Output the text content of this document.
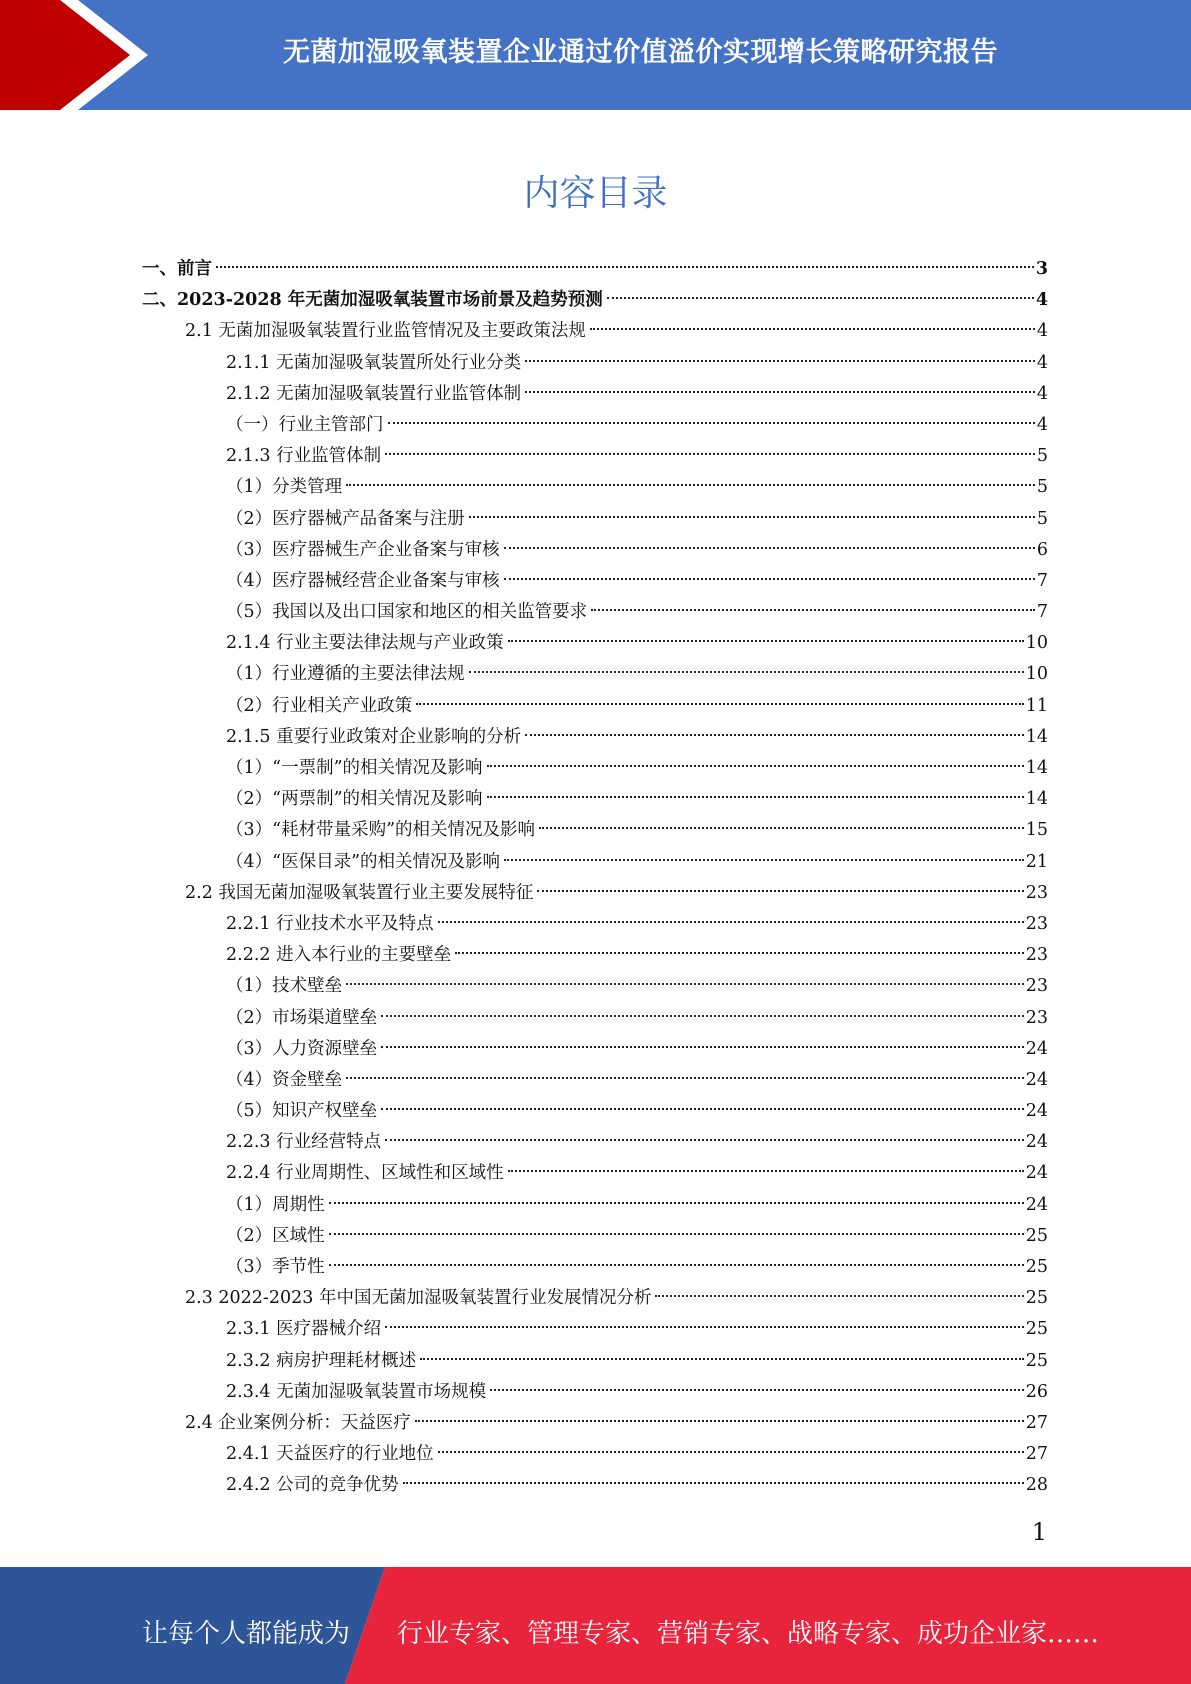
无菌加湿吸氧装置企业通过价值溢价实现增长策略研究报告
内容目录
一、前言	3
二、2023-2028 年无菌加湿吸氧装置市场前景及趋势预测	4
2.1 无菌加湿吸氧装置行业监管情况及主要政策法规	4
2.1.1 无菌加湿吸氧装置所处行业分类	4
2.1.2 无菌加湿吸氧装置行业监管体制	4
（一）行业主管部门	4
2.1.3 行业监管体制	5
（1）分类管理	5
（2）医疗器械产品备案与注册	5
（3）医疗器械生产企业备案与审核	6
（4）医疗器械经营企业备案与审核	7
（5）我国以及出口国家和地区的相关监管要求	7
2.1.4 行业主要法律法规与产业政策	10
（1）行业遵循的主要法律法规	10
（2）行业相关产业政策	11
2.1.5 重要行业政策对企业影响的分析	14
（1）“一票制”的相关情况及影响	14
（2）“两票制”的相关情况及影响	14
（3）“耗材带量采购”的相关情况及影响	15
（4）“医保目录”的相关情况及影响	21
2.2 我国无菌加湿吸氧装置行业主要发展特征	23
2.2.1 行业技术水平及特点	23
2.2.2 进入本行业的主要壁垒	23
（1）技术壁垒	23
（2）市场渠道壁垒	23
（3）人力资源壁垒	24
（4）资金壁垒	24
（5）知识产权壁垒	24
2.2.3 行业经营特点	24
2.2.4 行业周期性、区域性和区域性	24
（1）周期性	24
（2）区域性	25
（3）季节性	25
2.3 2022-2023 年中国无菌加湿吸氧装置行业发展情况分析	25
2.3.1 医疗器械介绍	25
2.3.2 病房护理耗材概述	25
2.3.4 无菌加湿吸氧装置市场规模	26
2.4 企业案例分析：天益医疗	27
2.4.1 天益医疗的行业地位	27
2.4.2 公司的竞争优势	28
1
让每个人都能成为 行业专家、管理专家、营销专家、战略专家、成功企业家……
